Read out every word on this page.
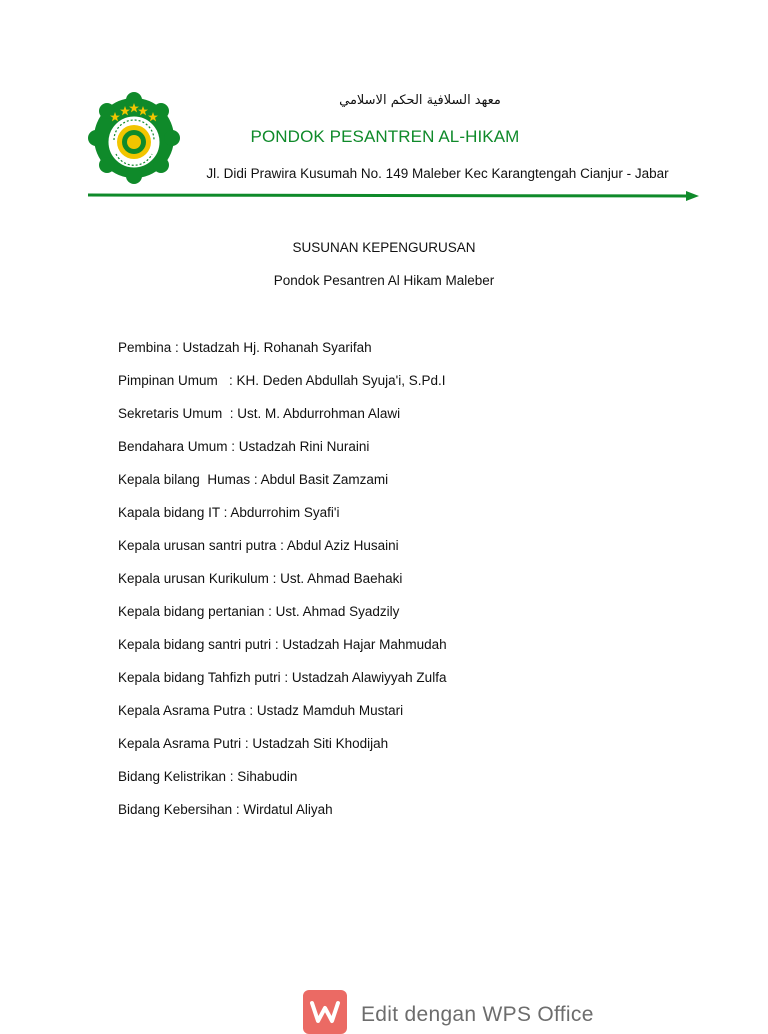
معهد السلافية الحكم الاسلامي
PONDOK PESANTREN AL-HIKAM
Jl. Didi Prawira Kusumah No. 149 Maleber Kec Karangtengah Cianjur - Jabar
SUSUNAN KEPENGURUSAN
Pondok Pesantren Al Hikam Maleber
Pembina : Ustadzah Hj. Rohanah Syarifah
Pimpinan Umum   : KH. Deden Abdullah Syuja'i, S.Pd.I
Sekretaris Umum  : Ust. M. Abdurrohman Alawi
Bendahara Umum : Ustadzah Rini Nuraini
Kepala bilang  Humas : Abdul Basit Zamzami
Kapala bidang IT : Abdurrohim Syafi'i
Kepala urusan santri putra : Abdul Aziz Husaini
Kepala urusan Kurikulum : Ust. Ahmad Baehaki
Kepala bidang pertanian : Ust. Ahmad Syadzily
Kepala bidang santri putri : Ustadzah Hajar Mahmudah
Kepala bidang Tahfizh putri : Ustadzah Alawiyyah Zulfa
Kepala Asrama Putra : Ustadz Mamduh Mustari
Kepala Asrama Putri : Ustadzah Siti Khodijah
Bidang Kelistrikan : Sihabudin
Bidang Kebersihan : Wirdatul Aliyah
Edit dengan WPS Office
